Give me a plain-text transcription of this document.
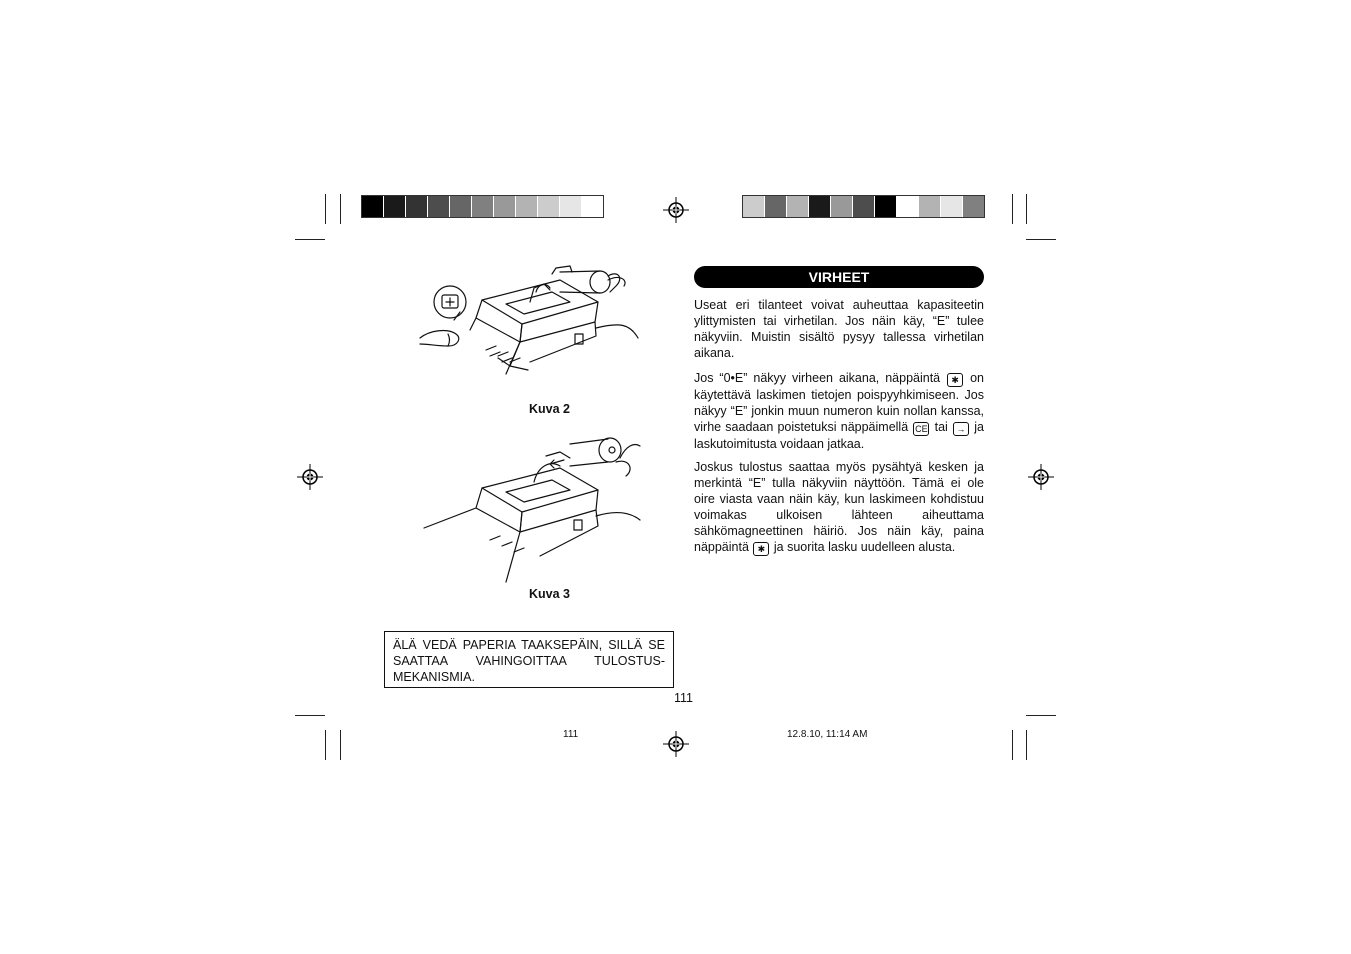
Kuva 2
Kuva 3
ÄLÄ VEDÄ PAPERIA TAAKSEPÄIN, SILLÄ SE SAATTAA VAHINGOITTAA TULOSTUS-MEKANISMIA.
VIRHEET
Useat eri tilanteet voivat auheuttaa kapasiteetin ylittymisten tai virhetilan. Jos näin käy, “E” tulee näkyviin. Muistin sisältö pysyy tallessa virhetilan aikana.
Jos “0•E” näkyy virheen aikana, näppäintä ✱ on käytettävä laskimen tietojen poispyyhkimiseen. Jos näkyy “E” jonkin muun numeron kuin nollan kanssa, virhe saadaan poistetuksi näppäimellä CE tai → ja laskutoimitusta voidaan jatkaa.
Joskus tulostus saattaa myös pysähtyä kesken ja merkintä “E” tulla näkyviin näyttöön. Tämä ei ole oire viasta vaan näin käy, kun laskimeen kohdistuu voimakas ulkoisen lähteen aiheuttama sähkömagneettinen häiriö. Jos näin käy, paina näppäintä ✱ ja suorita lasku uudelleen alusta.
111
111	12.8.10, 11:14 AM
